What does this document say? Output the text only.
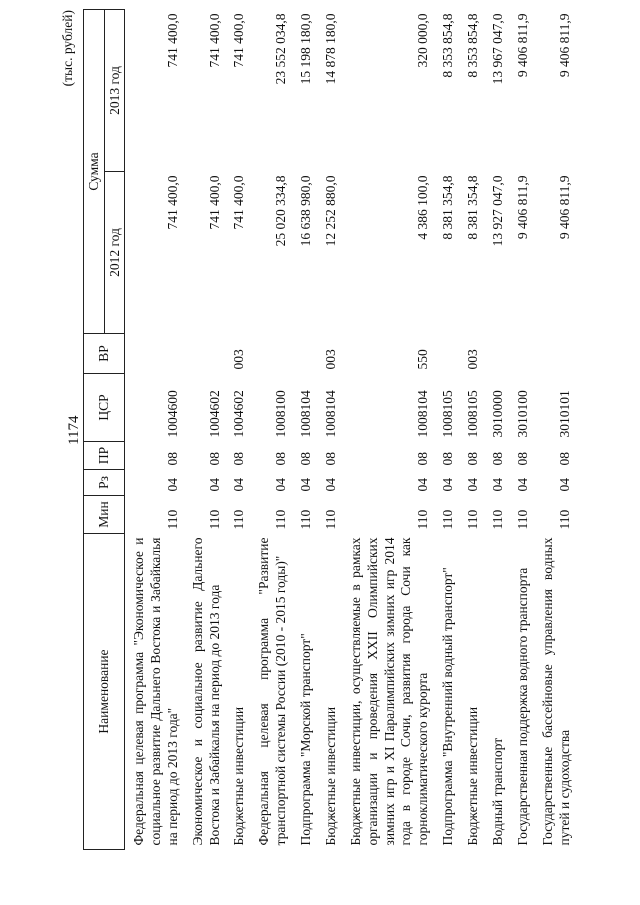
1174
(тыс. рублей)
Наименование	Мин	Рз	ПР	ЦСР	ВР	Сумма	
						2012 год	2013 год
Федеральная целевая программа "Экономическое и социальное развитие Дальнего Востока и Забайкалья на период до 2013 года"	110	04	08	1004600		741 400,0	741 400,0
Экономическое и социальное развитие Дальнего Востока и Забайкалья на период до 2013 года	110	04	08	1004602		741 400,0	741 400,0
Бюджетные инвестиции	110	04	08	1004602	003	741 400,0	741 400,0
Федеральная целевая программа "Развитие транспортной системы России (2010 - 2015 годы)"	110	04	08	1008100		25 020 334,8	23 552 034,8
Подпрограмма "Морской транспорт"	110	04	08	1008104		16 638 980,0	15 198 180,0
Бюджетные инвестиции	110	04	08	1008104	003	12 252 880,0	14 878 180,0
Бюджетные инвестиции, осуществляемые в рамках организации и проведения XXII Олимпийских зимних игр и XI Паралимпийских зимних игр 2014 года в городе Сочи, развития города Сочи как горноклиматического курорта	110	04	08	1008104	550	4 386 100,0	320 000,0
Подпрограмма "Внутренний водный транспорт"	110	04	08	1008105		8 381 354,8	8 353 854,8
Бюджетные инвестиции	110	04	08	1008105	003	8 381 354,8	8 353 854,8
Водный транспорт	110	04	08	3010000		13 927 047,0	13 967 047,0
Государственная поддержка водного транспорта	110	04	08	3010100		9 406 811,9	9 406 811,9
Государственные бассейновые управления водных путей и судоходства	110	04	08	3010101		9 406 811,9	9 406 811,9
